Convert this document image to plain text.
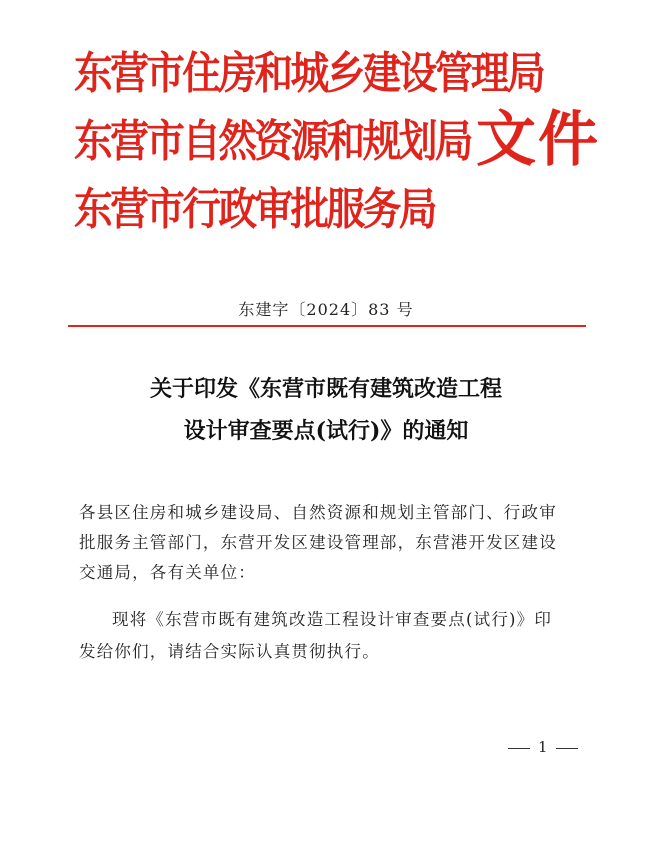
东营市住房和城乡建设管理局
东营市自然资源和规划局
东营市行政审批服务局
文件
东建字〔2024〕83 号
关于印发《东营市既有建筑改造工程
设计审查要点(试行)》的通知
各县区住房和城乡建设局、自然资源和规划主管部门、行政审
批服务主管部门，东营开发区建设管理部，东营港开发区建设
交通局，各有关单位：
现将《东营市既有建筑改造工程设计审查要点(试行)》印
发给你们，请结合实际认真贯彻执行。
1
